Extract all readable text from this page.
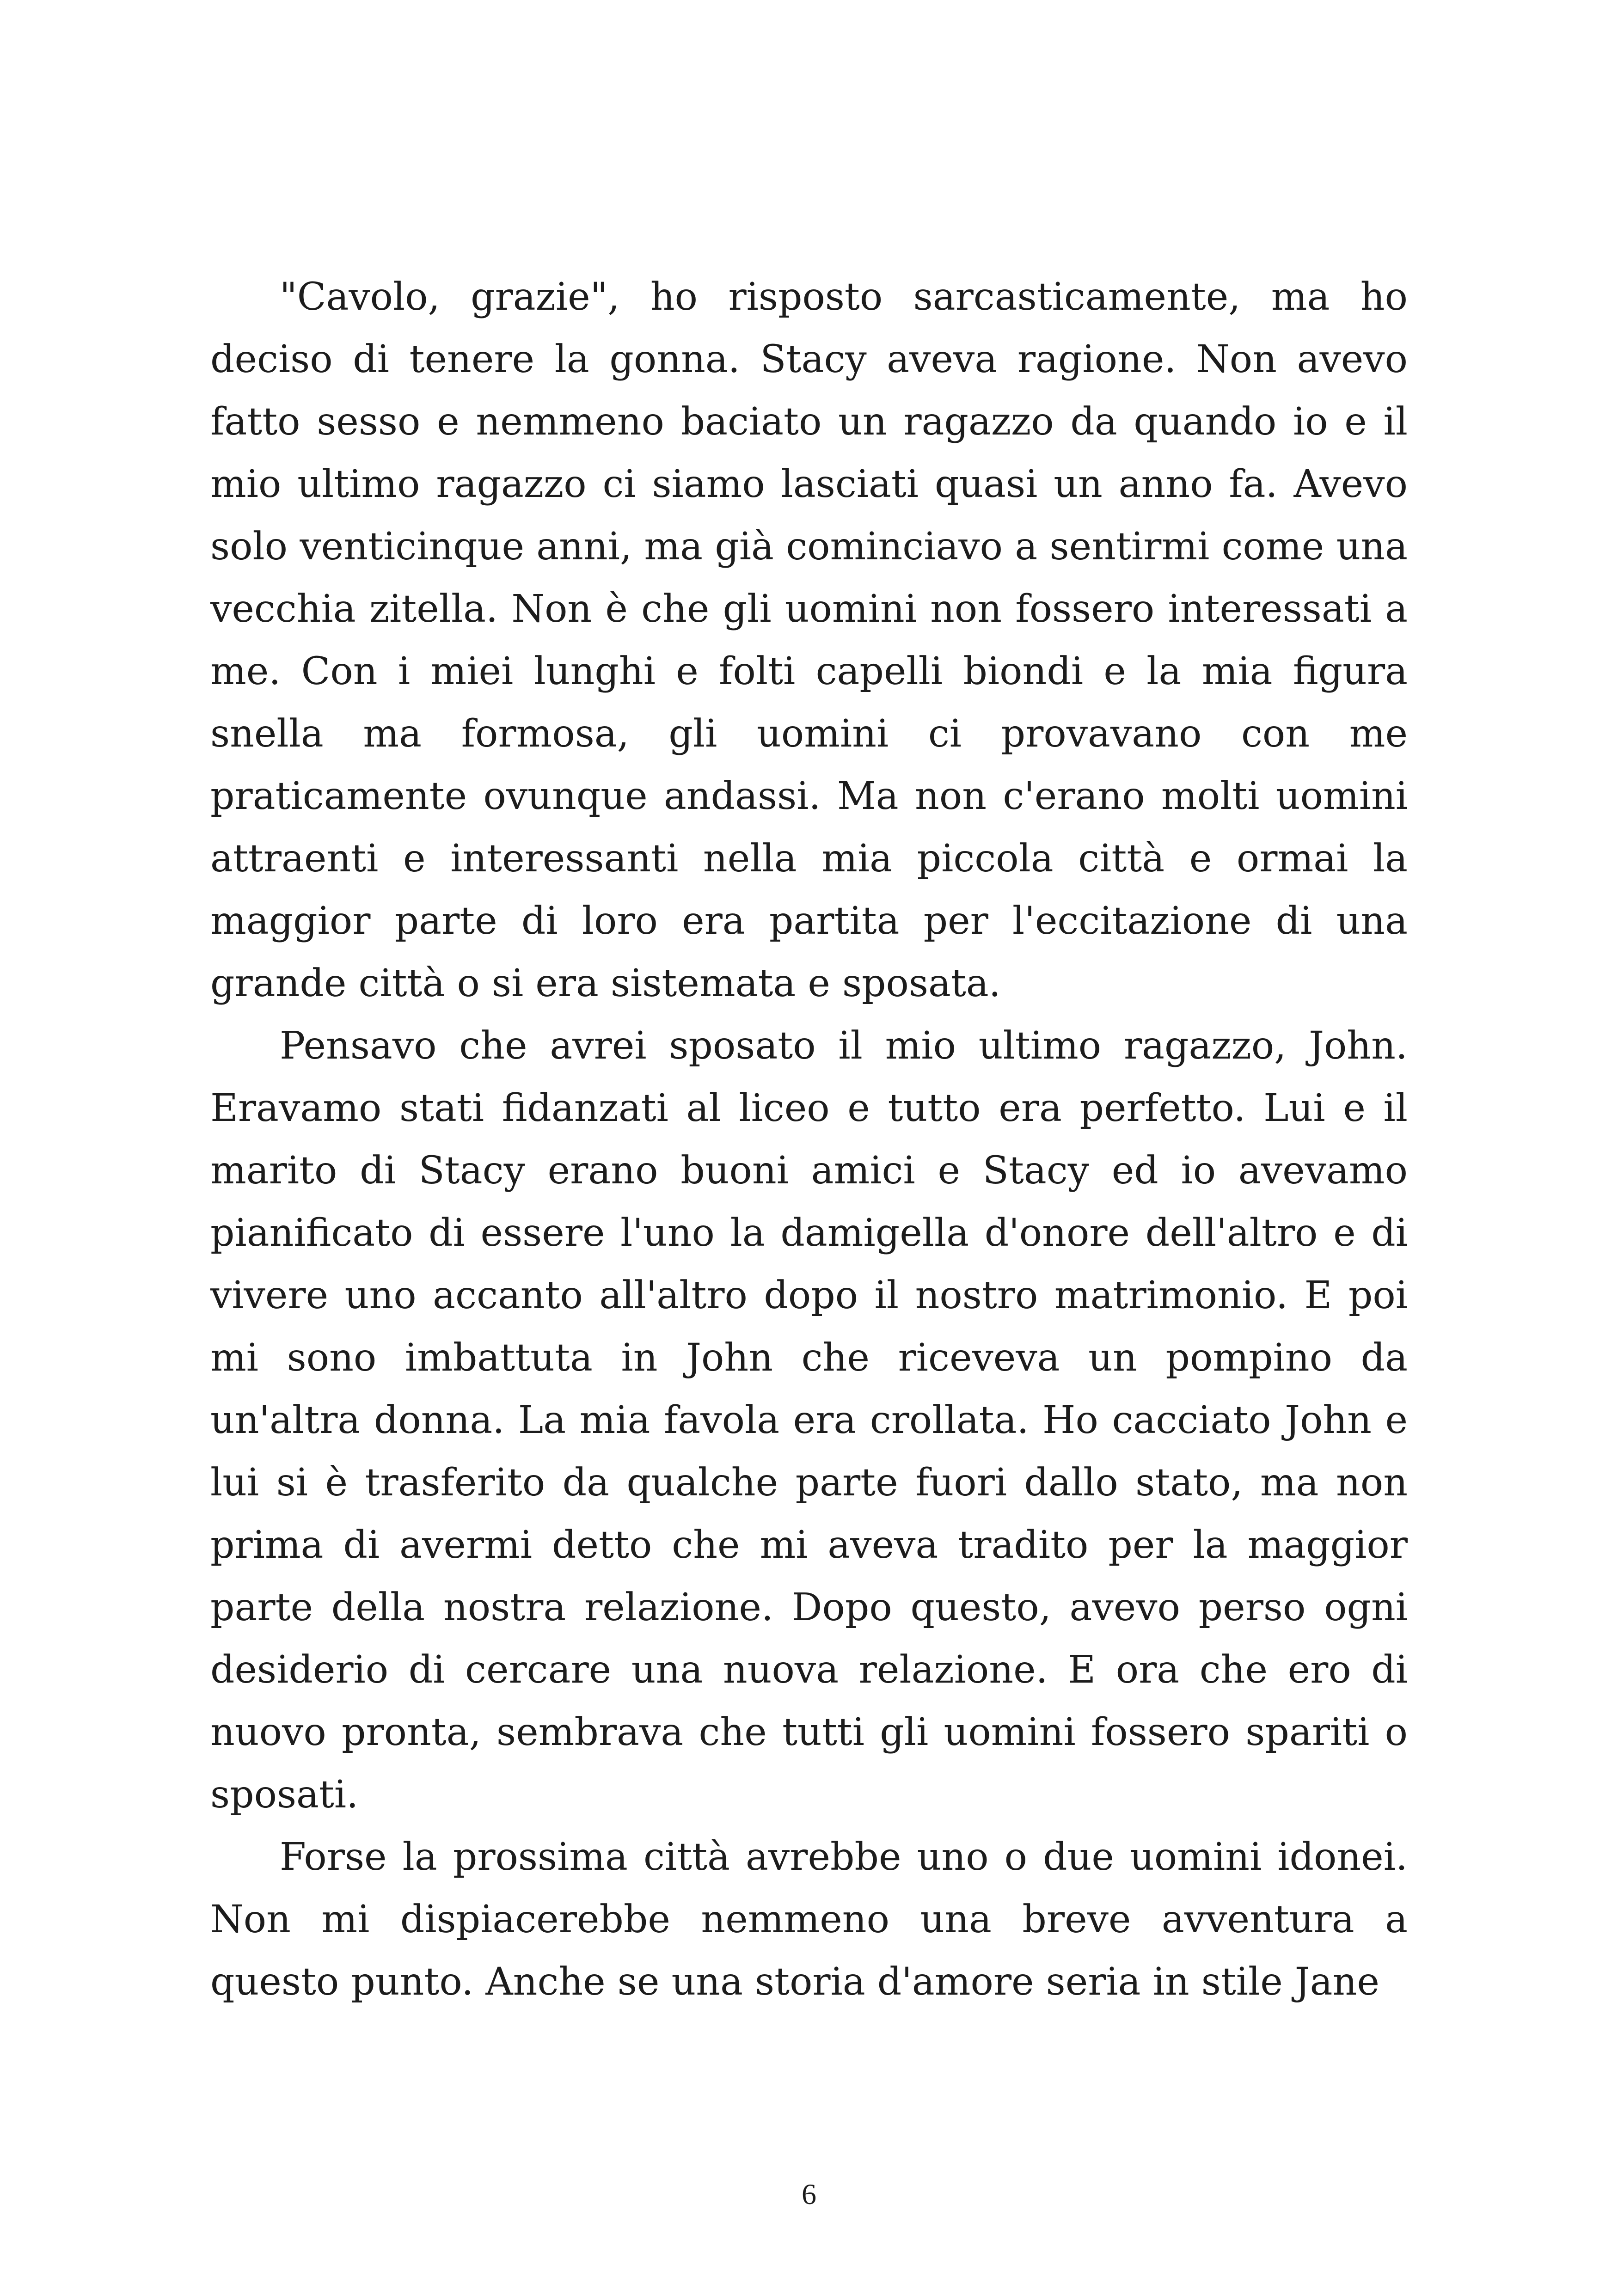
"Cavolo, grazie", ho risposto sarcasticamente, ma ho deciso di tenere la gonna. Stacy aveva ragione. Non avevo fatto sesso e nemmeno baciato un ragazzo da quando io e il mio ultimo ragazzo ci siamo lasciati quasi un anno fa. Avevo solo venticinque anni, ma già cominciavo a sentirmi come una vecchia zitella. Non è che gli uomini non fossero interessati a me. Con i miei lunghi e folti capelli biondi e la mia figura snella ma formosa, gli uomini ci provavano con me praticamente ovunque andassi. Ma non c'erano molti uomini attraenti e interessanti nella mia piccola città e ormai la maggior parte di loro era partita per l'eccitazione di una grande città o si era sistemata e sposata.

Pensavo che avrei sposato il mio ultimo ragazzo, John. Eravamo stati fidanzati al liceo e tutto era perfetto. Lui e il marito di Stacy erano buoni amici e Stacy ed io avevamo pianificato di essere l'uno la damigella d'onore dell'altro e di vivere uno accanto all'altro dopo il nostro matrimonio. E poi mi sono imbattuta in John che riceveva un pompino da un'altra donna. La mia favola era crollata. Ho cacciato John e lui si è trasferito da qualche parte fuori dallo stato, ma non prima di avermi detto che mi aveva tradito per la maggior parte della nostra relazione. Dopo questo, avevo perso ogni desiderio di cercare una nuova relazione. E ora che ero di nuovo pronta, sembrava che tutti gli uomini fossero spariti o sposati.

Forse la prossima città avrebbe uno o due uomini idonei. Non mi dispiacerebbe nemmeno una breve avventura a questo punto. Anche se una storia d'amore seria in stile Jane

6
